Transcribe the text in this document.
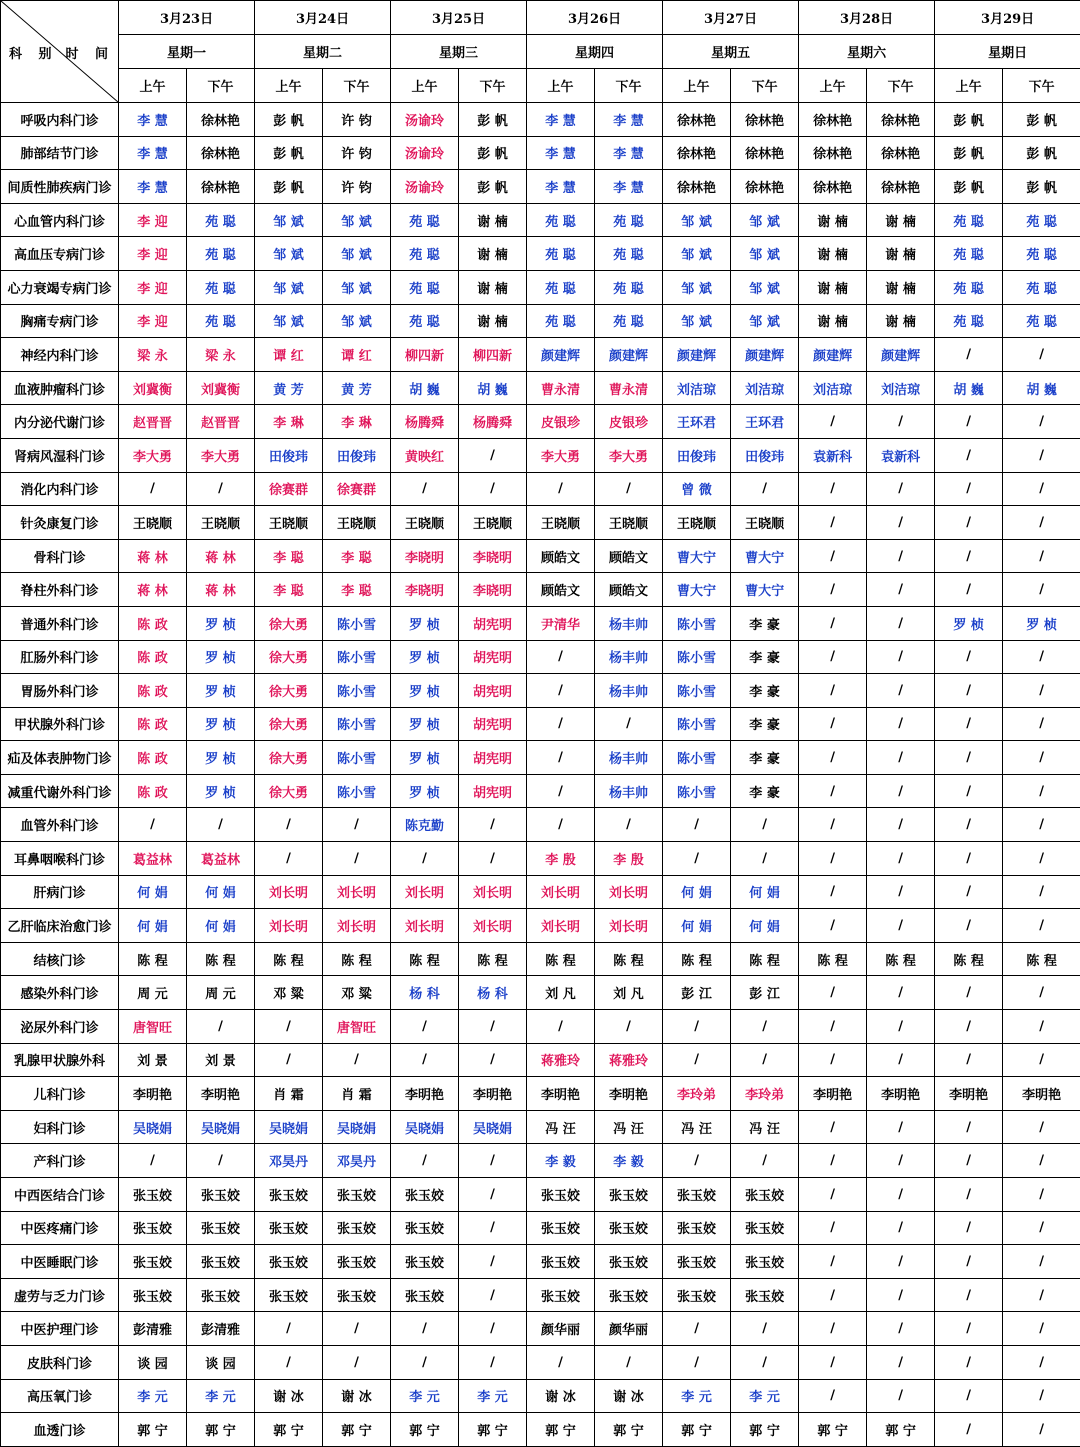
科 别 时 间	3月23日		3月24日		3月25日		3月26日		3月27日		3月28日		3月29日	
	星期一		星期二		星期三		星期四		星期五		星期六		星期日	
	上午	下午	上午	下午	上午	下午	上午	下午	上午	下午	上午	下午	上午	下午
呼吸内科门诊	李 慧	徐林艳	彭 帆	许 钧	汤谕玲	彭 帆	李 慧	李 慧	徐林艳	徐林艳	徐林艳	徐林艳	彭 帆	彭 帆
肺部结节门诊	李 慧	徐林艳	彭 帆	许 钧	汤谕玲	彭 帆	李 慧	李 慧	徐林艳	徐林艳	徐林艳	徐林艳	彭 帆	彭 帆
间质性肺疾病门诊	李 慧	徐林艳	彭 帆	许 钧	汤谕玲	彭 帆	李 慧	李 慧	徐林艳	徐林艳	徐林艳	徐林艳	彭 帆	彭 帆
心血管内科门诊	李 迎	苑 聪	邹 斌	邹 斌	苑 聪	谢 楠	苑 聪	苑 聪	邹 斌	邹 斌	谢 楠	谢 楠	苑 聪	苑 聪
高血压专病门诊	李 迎	苑 聪	邹 斌	邹 斌	苑 聪	谢 楠	苑 聪	苑 聪	邹 斌	邹 斌	谢 楠	谢 楠	苑 聪	苑 聪
心力衰竭专病门诊	李 迎	苑 聪	邹 斌	邹 斌	苑 聪	谢 楠	苑 聪	苑 聪	邹 斌	邹 斌	谢 楠	谢 楠	苑 聪	苑 聪
胸痛专病门诊	李 迎	苑 聪	邹 斌	邹 斌	苑 聪	谢 楠	苑 聪	苑 聪	邹 斌	邹 斌	谢 楠	谢 楠	苑 聪	苑 聪
神经内科门诊	梁 永	梁 永	谭 红	谭 红	柳四新	柳四新	颜建辉	颜建辉	颜建辉	颜建辉	颜建辉	颜建辉	/	/
血液肿瘤科门诊	刘冀衡	刘冀衡	黄 芳	黄 芳	胡 巍	胡 巍	曹永清	曹永清	刘洁琼	刘洁琼	刘洁琼	刘洁琼	胡 巍	胡 巍
内分泌代谢门诊	赵晋晋	赵晋晋	李 琳	李 琳	杨腾舜	杨腾舜	皮银珍	皮银珍	王环君	王环君	/	/	/	/
肾病风湿科门诊	李大勇	李大勇	田俊玮	田俊玮	黄映红	/	李大勇	李大勇	田俊玮	田俊玮	袁新科	袁新科	/	/
消化内科门诊	/	/	徐赛群	徐赛群	/	/	/	/	曾 微	/	/	/	/	/
针灸康复门诊	王晓顺	王晓顺	王晓顺	王晓顺	王晓顺	王晓顺	王晓顺	王晓顺	王晓顺	王晓顺	/	/	/	/
骨科门诊	蒋 林	蒋 林	李 聪	李 聪	李晓明	李晓明	顾皓文	顾皓文	曹大宁	曹大宁	/	/	/	/
脊柱外科门诊	蒋 林	蒋 林	李 聪	李 聪	李晓明	李晓明	顾皓文	顾皓文	曹大宁	曹大宁	/	/	/	/
普通外科门诊	陈 政	罗 桢	徐大勇	陈小雪	罗 桢	胡宪明	尹清华	杨丰帅	陈小雪	李 豪	/	/	罗 桢	罗 桢
肛肠外科门诊	陈 政	罗 桢	徐大勇	陈小雪	罗 桢	胡宪明	/	杨丰帅	陈小雪	李 豪	/	/	/	/
胃肠外科门诊	陈 政	罗 桢	徐大勇	陈小雪	罗 桢	胡宪明	/	杨丰帅	陈小雪	李 豪	/	/	/	/
甲状腺外科门诊	陈 政	罗 桢	徐大勇	陈小雪	罗 桢	胡宪明	/	/	陈小雪	李 豪	/	/	/	/
疝及体表肿物门诊	陈 政	罗 桢	徐大勇	陈小雪	罗 桢	胡宪明	/	杨丰帅	陈小雪	李 豪	/	/	/	/
减重代谢外科门诊	陈 政	罗 桢	徐大勇	陈小雪	罗 桢	胡宪明	/	杨丰帅	陈小雪	李 豪	/	/	/	/
血管外科门诊	/	/	/	/	陈克勤	/	/	/	/	/	/	/	/	/
耳鼻咽喉科门诊	葛益林	葛益林	/	/	/	/	李 殷	李 殷	/	/	/	/	/	/
肝病门诊	何 娟	何 娟	刘长明	刘长明	刘长明	刘长明	刘长明	刘长明	何 娟	何 娟	/	/	/	/
乙肝临床治愈门诊	何 娟	何 娟	刘长明	刘长明	刘长明	刘长明	刘长明	刘长明	何 娟	何 娟	/	/	/	/
结核门诊	陈 程	陈 程	陈 程	陈 程	陈 程	陈 程	陈 程	陈 程	陈 程	陈 程	陈 程	陈 程	陈 程	陈 程
感染外科门诊	周 元	周 元	邓 粱	邓 粱	杨 科	杨 科	刘 凡	刘 凡	彭 江	彭 江	/	/	/	/
泌尿外科门诊	唐智旺	/	/	唐智旺	/	/	/	/	/	/	/	/	/	/
乳腺甲状腺外科	刘 景	刘 景	/	/	/	/	蒋雅玲	蒋雅玲	/	/	/	/	/	/
儿科门诊	李明艳	李明艳	肖 霜	肖 霜	李明艳	李明艳	李明艳	李明艳	李玲弟	李玲弟	李明艳	李明艳	李明艳	李明艳
妇科门诊	吴晓娟	吴晓娟	吴晓娟	吴晓娟	吴晓娟	吴晓娟	冯 汪	冯 汪	冯 汪	冯 汪	/	/	/	/
产科门诊	/	/	邓昊丹	邓昊丹	/	/	李 毅	李 毅	/	/	/	/	/	/
中西医结合门诊	张玉姣	张玉姣	张玉姣	张玉姣	张玉姣	/	张玉姣	张玉姣	张玉姣	张玉姣	/	/	/	/
中医疼痛门诊	张玉姣	张玉姣	张玉姣	张玉姣	张玉姣	/	张玉姣	张玉姣	张玉姣	张玉姣	/	/	/	/
中医睡眠门诊	张玉姣	张玉姣	张玉姣	张玉姣	张玉姣	/	张玉姣	张玉姣	张玉姣	张玉姣	/	/	/	/
虚劳与乏力门诊	张玉姣	张玉姣	张玉姣	张玉姣	张玉姣	/	张玉姣	张玉姣	张玉姣	张玉姣	/	/	/	/
中医护理门诊	彭清雅	彭清雅	/	/	/	/	颜华丽	颜华丽	/	/	/	/	/	/
皮肤科门诊	谈 园	谈 园	/	/	/	/	/	/	/	/	/	/	/	/
高压氧门诊	李 元	李 元	谢 冰	谢 冰	李 元	李 元	谢 冰	谢 冰	李 元	李 元	/	/	/	/
血透门诊	郭 宁	郭 宁	郭 宁	郭 宁	郭 宁	郭 宁	郭 宁	郭 宁	郭 宁	郭 宁	郭 宁	郭 宁	/	/
